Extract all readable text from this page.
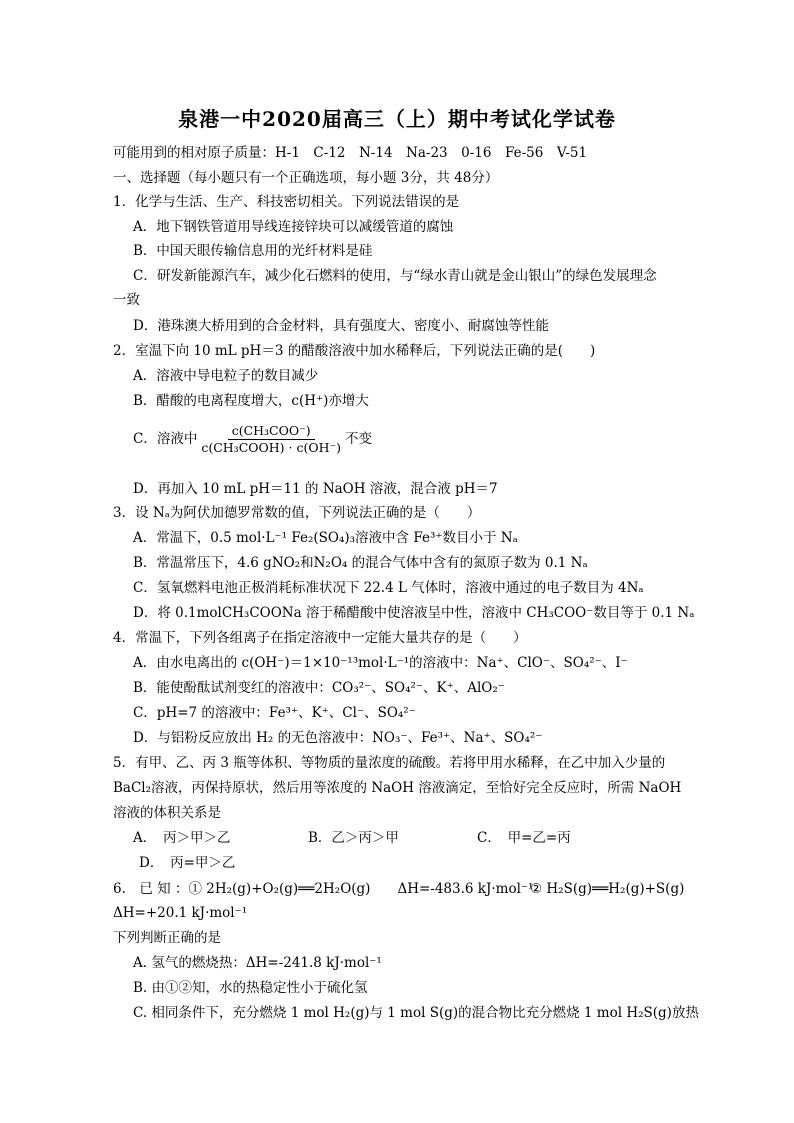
泉港一中2020届高三（上）期中考试化学试卷
可能用到的相对原子质量：H-1　C-12　N-14　Na-23　0-16　Fe-56　V-51
一、选择题（每小题只有一个正确选项，每小题 3分，共 48分）
1．化学与生活、生产、科技密切相关。下列说法错误的是
A．地下钢铁管道用导线连接锌块可以减缓管道的腐蚀
B．中国天眼传输信息用的光纤材料是硅
C．研发新能源汽车，减少化石燃料的使用，与“绿水青山就是金山银山”的绿色发展理念
一致
D．港珠澳大桥用到的合金材料，具有强度大、密度小、耐腐蚀等性能
2．室温下向 10 mL pH＝3 的醋酸溶液中加水稀释后，下列说法正确的是(　　)
A．溶液中导电粒子的数目减少
B．醋酸的电离程度增大，c(H⁺)亦增大
C．溶液中 $\frac{\text{c(CH₃COO⁻)}}{\text{c(CH₃COOH) · c(OH⁻)}}$ 不变
D．再加入 10 mL pH＝11 的 NaOH 溶液，混合液 pH＝7
3．设 Nₐ为阿伏加德罗常数的值，下列说法正确的是（　　）
A．常温下，0.5 mol·L⁻¹ Fe₂(SO₄)₃溶液中含 Fe³⁺数目小于 Nₐ
B．常温常压下，4.6 gNO₂和N₂O₄ 的混合气体中含有的氮原子数为 0.1 Nₐ
C．氢氧燃料电池正极消耗标准状况下 22.4 L 气体时，溶液中通过的电子数目为 4Nₐ
D．将 0.1molCH₃COONa 溶于稀醋酸中使溶液呈中性，溶液中 CH₃COO⁻数目等于 0.1 Nₐ
4．常温下，下列各组离子在指定溶液中一定能大量共存的是（　　）
A．由水电离出的 c(OH⁻)＝1×10⁻¹³mol·L⁻¹的溶液中：Na⁺、ClO⁻、SO₄²⁻、I⁻
B．能使酚酞试剂变红的溶液中：CO₃²⁻、SO₄²⁻、K⁺、AlO₂⁻
C．pH=7 的溶液中：Fe³⁺、K⁺、Cl⁻、SO₄²⁻
D．与铝粉反应放出 H₂ 的无色溶液中：NO₃⁻、Fe³⁺、Na⁺、SO₄²⁻
5．有甲、乙、丙 3 瓶等体积、等物质的量浓度的硫酸。若将甲用水稀释，在乙中加入少量的
BaCl₂溶液，丙保持原状，然后用等浓度的 NaOH 溶液滴定，至恰好完全反应时，所需 NaOH
溶液的体积关系是
A．　丙＞甲＞乙	B．乙＞丙＞甲	C．　甲=乙=丙
D．　丙=甲＞乙
6.　已 知 ：① 2H₂(g)+O₂(g)══2H₂O(g)　　ΔH=-483.6 kJ·mol⁻¹
② H₂S(g)══H₂(g)+S(g)
ΔH=+20.1 kJ·mol⁻¹
下列判断正确的是
A. 氢气的燃烧热：ΔH=-241.8 kJ·mol⁻¹
B. 由①②知，水的热稳定性小于硫化氢
C. 相同条件下，充分燃烧 1 mol H₂(g)与 1 mol S(g)的混合物比充分燃烧 1 mol H₂S(g)放热
